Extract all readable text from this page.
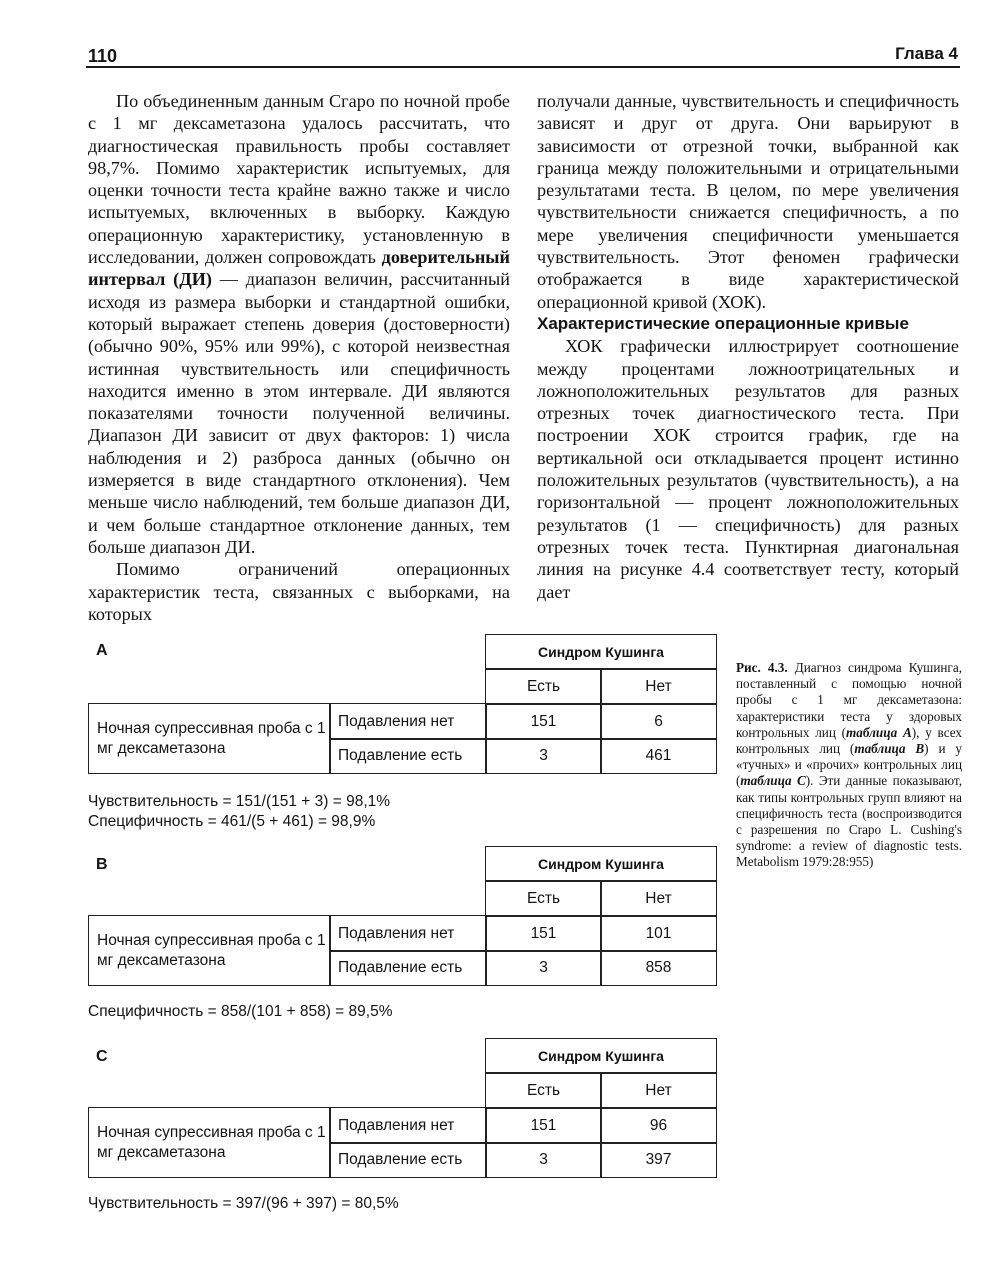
110	Глава 4

По объединенным данным Сгаро по ночной пробе с 1 мг дексаметазона удалось рассчитать, что диагностическая правильность пробы составляет 98,7%. Помимо характеристик испытуемых, для оценки точности теста крайне важно также и число испытуемых, включенных в выборку. Каждую операционную характеристику, установленную в исследовании, должен сопровождать доверительный интервал (ДИ) — диапазон величин, рассчитанный исходя из размера выборки и стандартной ошибки, который выражает степень доверия (достоверности) (обычно 90%, 95% или 99%), с которой неизвестная истинная чувствительность или специфичность находится именно в этом интервале. ДИ являются показателями точности полученной величины. Диапазон ДИ зависит от двух факторов: 1) числа наблюдения и 2) разброса данных (обычно он измеряется в виде стандартного отклонения). Чем меньше число наблюдений, тем больше диапазон ДИ, и чем больше стандартное отклонение данных, тем больше диапазон ДИ.

Помимо ограничений операционных характеристик теста, связанных с выборками, на которых

получали данные, чувствительность и специфичность зависят и друг от друга. Они варьируют в зависимости от отрезной точки, выбранной как граница между положительными и отрицательными результатами теста. В целом, по мере увеличения чувствительности снижается специфичность, а по мере увеличения специфичности уменьшается чувствительность. Этот феномен графически отображается в виде характеристической операционной кривой (ХОК).

Характеристические операционные кривые

ХОК графически иллюстрирует соотношение между процентами ложноотрицательных и ложноположительных результатов для разных отрезных точек диагностического теста. При построении ХОК строится график, где на вертикальной оси откладывается процент истинно положительных результатов (чувствительность), а на горизонтальной — процент ложноположительных результатов (1 — специфичность) для разных отрезных точек теста. Пунктирная диагональная линия на рисунке 4.4 соответствует тесту, который дает

A	Синдром Кушинга
Есть	Нет
Ночная супрессивная проба с 1 мг дексаметазона
Подавления нет	151	6
Подавление есть	3	461
Чувствительность = 151/(151 + 3) = 98,1%
Специфичность = 461/(5 + 461) = 98,9%
B	Синдром Кушинга
Есть	Нет
Ночная супрессивная проба с 1 мг дексаметазона
Подавления нет	151	101
Подавление есть	3	858
Специфичность = 858/(101 + 858) = 89,5%
C	Синдром Кушинга
Есть	Нет
Ночная супрессивная проба с 1 мг дексаметазона
Подавления нет	151	96
Подавление есть	3	397
Чувствительность = 397/(96 + 397) = 80,5%
Рис. 4.3. Диагноз синдрома Кушинга, поставленный с помощью ночной пробы с 1 мг дексаметазона: характеристики теста у здоровых контрольных лиц (таблица A), у всех контрольных лиц (таблица B) и у «тучных» и «прочих» контрольных лиц (таблица C). Эти данные показывают, как типы контрольных групп влияют на специфичность теста (воспроизводится с разрешения по Crapo L. Cushing's syndrome: a review of diagnostic tests. Metabolism 1979:28:955)
